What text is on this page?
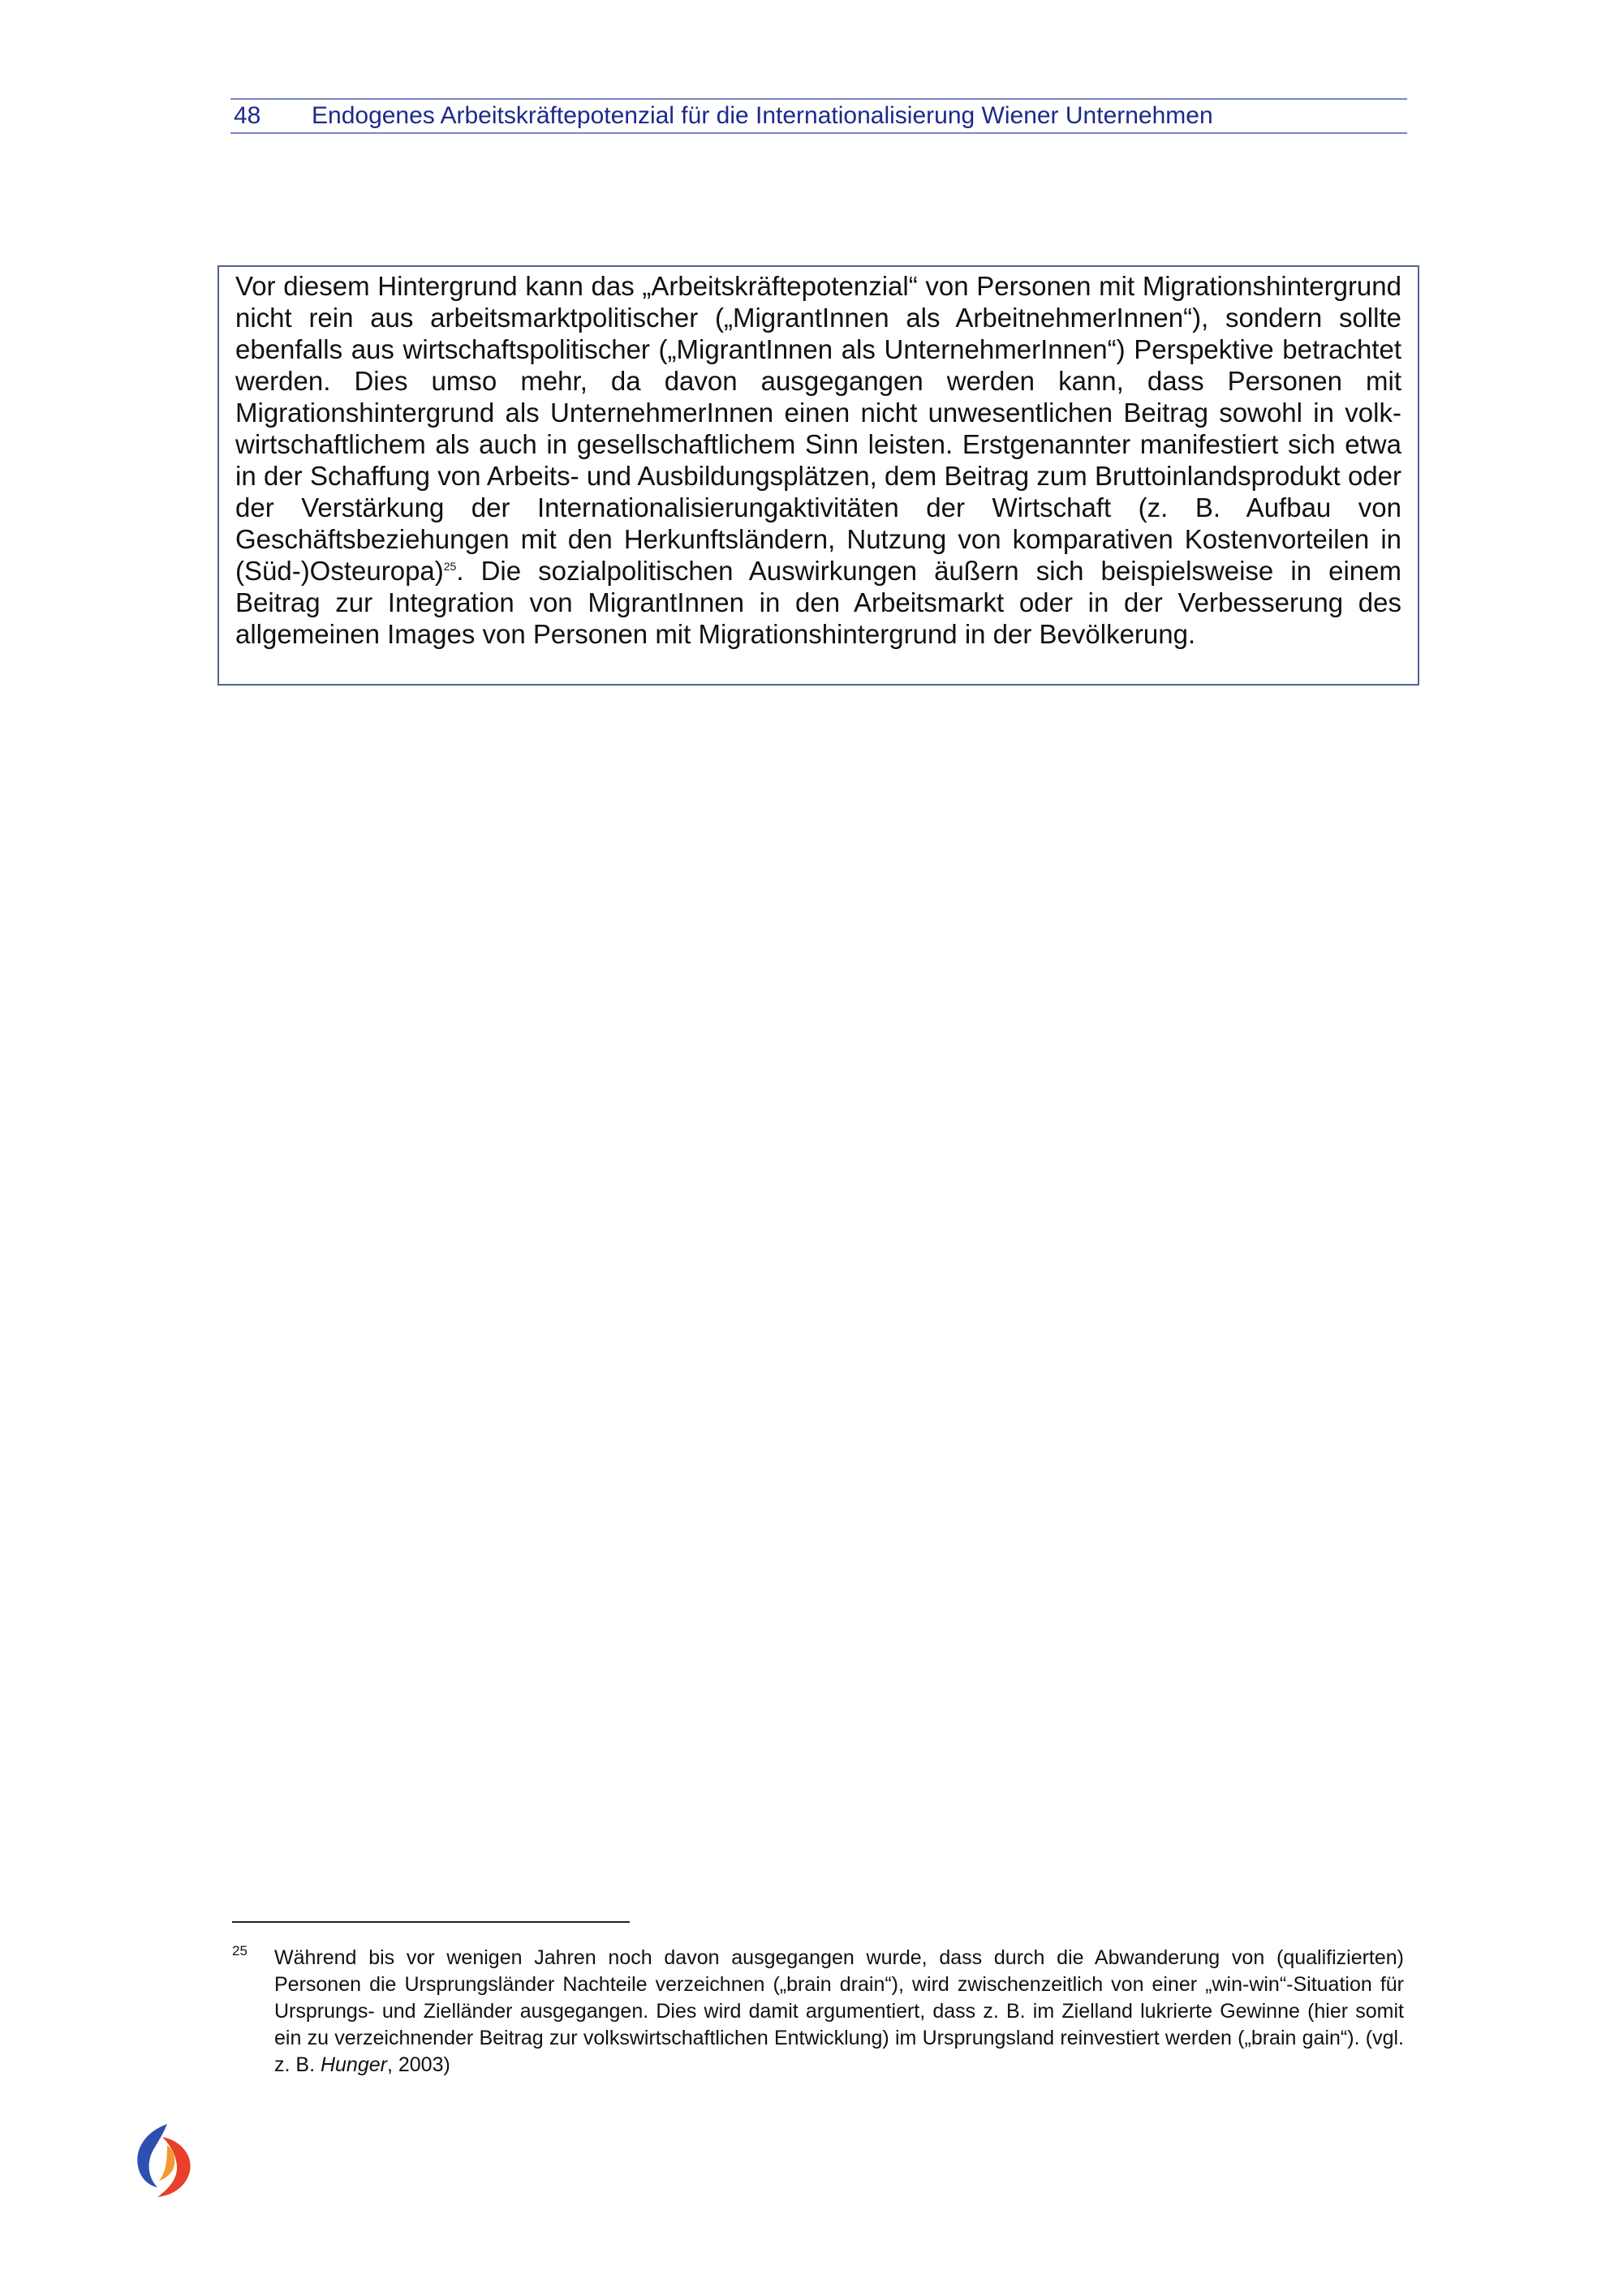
48 Endogenes Arbeitskräftepotenzial für die Internationalisierung Wiener Unternehmen

Vor diesem Hintergrund kann das „Arbeitskräftepotenzial“ von Personen mit Migrationshintergrund nicht rein aus arbeitsmarktpolitischer („MigrantInnen als ArbeitnehmerInnen“), sondern sollte ebenfalls aus wirtschaftspolitischer („MigrantInnen als UnternehmerInnen“) Perspektive betrachtet werden. Dies umso mehr, da davon ausgegangen werden kann, dass Personen mit Migrationshintergrund als UnternehmerInnen einen nicht unwesentlichen Beitrag sowohl in volkwirtschaftlichem als auch in gesellschaftlichem Sinn leisten. Erstgenannter manifestiert sich etwa in der Schaffung von Arbeits- und Ausbildungsplätzen, dem Beitrag zum Bruttoinlandsprodukt oder der Verstärkung der Internationalisierungaktivitäten der Wirtschaft (z. B. Aufbau von Geschäftsbeziehungen mit den Herkunftsländern, Nutzung von komparativen Kostenvorteilen in (Süd-)Osteuropa)$^{25}$. Die sozialpolitischen Auswirkungen äußern sich beispielsweise in einem Beitrag zur Integration von MigrantInnen in den Arbeitsmarkt oder in der Verbesserung des allgemeinen Images von Personen mit Migrationshintergrund in der Bevölkerung.

25 Während bis vor wenigen Jahren noch davon ausgegangen wurde, dass durch die Abwanderung von (qualifizierten) Personen die Ursprungsländer Nachteile verzeichnen („brain drain“), wird zwischenzeitlich von einer „win-win“-Situation für Ursprungs- und Zielländer ausgegangen. Dies wird damit argumentiert, dass z. B. im Zielland lukrierte Gewinne (hier somit ein zu verzeichnender Beitrag zur volkswirtschaftlichen Entwicklung) im Ursprungsland reinvestiert werden („brain gain“). (vgl. z. B. Hunger, 2003)
